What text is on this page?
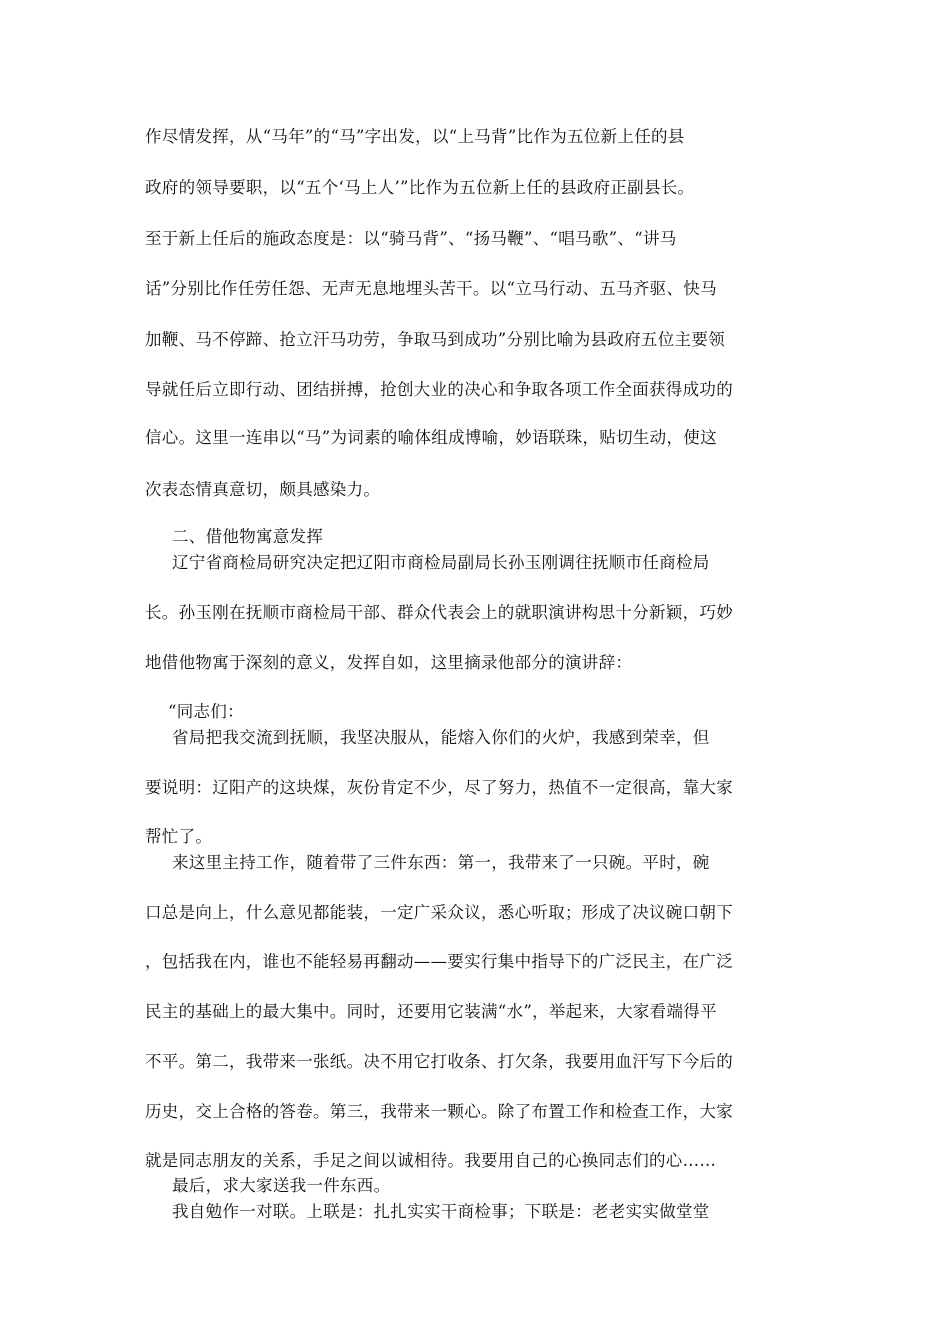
作尽情发挥，从“马年”的“马”字出发，以“上马背”比作为五位新上任的县
政府的领导要职，以“五个‘马上人’”比作为五位新上任的县政府正副县长。
至于新上任后的施政态度是：以“骑马背”、“扬马鞭”、“唱马歌”、“讲马
话”分别比作任劳任怨、无声无息地埋头苦干。以“立马行动、五马齐驱、快马
加鞭、马不停蹄、抢立汗马功劳，争取马到成功”分别比喻为县政府五位主要领
导就任后立即行动、团结拼搏，抢创大业的决心和争取各项工作全面获得成功的
信心。这里一连串以“马”为词素的喻体组成博喻，妙语联珠，贴切生动，使这
次表态情真意切，颇具感染力。
二、借他物寓意发挥
辽宁省商检局研究决定把辽阳市商检局副局长孙玉刚调往抚顺市任商检局
长。孙玉刚在抚顺市商检局干部、群众代表会上的就职演讲构思十分新颖，巧妙
地借他物寓于深刻的意义，发挥自如，这里摘录他部分的演讲辞：
“同志们：
省局把我交流到抚顺，我坚决服从，能熔入你们的火炉，我感到荣幸，但
要说明：辽阳产的这块煤，灰份肯定不少，尽了努力，热值不一定很高，靠大家
帮忙了。
来这里主持工作，随着带了三件东西：第一，我带来了一只碗。平时，碗
口总是向上，什么意见都能装，一定广采众议，悉心听取；形成了决议碗口朝下
，包括我在内，谁也不能轻易再翻动——要实行集中指导下的广泛民主，在广泛
民主的基础上的最大集中。同时，还要用它装满“水”，举起来，大家看端得平
不平。第二，我带来一张纸。决不用它打收条、打欠条，我要用血汗写下今后的
历史，交上合格的答卷。第三，我带来一颗心。除了布置工作和检查工作，大家
就是同志朋友的关系，手足之间以诚相待。我要用自己的心换同志们的心……
最后，求大家送我一件东西。
我自勉作一对联。上联是：扎扎实实干商检事；下联是：老老实实做堂堂
